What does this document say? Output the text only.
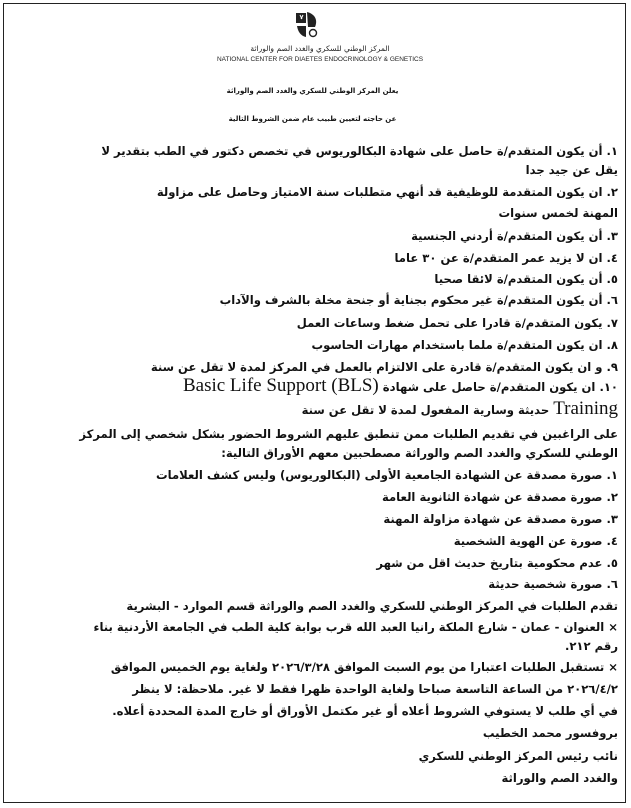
المركز الوطني للسكري والغدد الصم والوراثة
NATIONAL CENTER FOR DIAETES ENDOCRINOLOGY & GENETICS
يعلن المركز الوطني للسكري والغدد الصم والوراثة
عن حاجته لتعيين طبيب عام ضمن الشروط التالية
١. أن يكون المتقدم/ة حاصل على شهادة البكالوريوس في تخصص دكتور في الطب بتقدير لا
يقل عن جيد جدا
٢. ان يكون المتقدمة للوظيفية قد أنهي متطلبات سنة الامتياز وحاصل على مزاولة
المهنة لخمس سنوات
٣. أن يكون المتقدم/ة أردني الجنسية
٤. ان لا يزيد عمر المتقدم/ة عن ٣٠ عاما
٥. أن يكون المتقدم/ة لائقا صحيا
٦. أن يكون المتقدم/ة غير محكوم بجناية أو جنحة مخلة بالشرف والآداب
٧. يكون المتقدم/ة قادرا على تحمل ضغط وساعات العمل
٨. ان يكون المتقدم/ة ملما باستخدام مهارات الحاسوب
٩. و ان يكون المتقدم/ة قادرة على الالتزام بالعمل في المركز لمدة لا تقل عن سنة
١٠. ان يكون المتقدم/ة حاصل على شهادة Basic Life Support (BLS)
Training حديثة وسارية المفعول لمدة لا تقل عن سنة
على الراغبين في تقديم الطلبات ممن تنطبق عليهم الشروط الحضور بشكل شخصي إلى المركز
الوطني للسكري والغدد الصم والوراثة مصطحبين معهم الأوراق التالية:
١. صورة مصدقة عن الشهادة الجامعية الأولى (البكالوريوس) وليس كشف العلامات
٢. صورة مصدقة عن شهادة الثانوية العامة
٣. صورة مصدقة عن شهادة مزاولة المهنة
٤. صورة عن الهوية الشخصية
٥. عدم محكومية بتاريخ حديث اقل من شهر
٦. صورة شخصية حديثة
تقدم الطلبات في المركز الوطني للسكري والغدد الصم والوراثة قسم الموارد - البشرية
× العنوان - عمان - شارع الملكة رانيا العبد الله قرب بوابة كلية الطب في الجامعة الأردنية بناء
رقم ٢١٢.
× تستقبل الطلبات اعتبارا من يوم السبت الموافق ٢٠٢٦/٣/٢٨ ولغاية يوم الخميس الموافق
٢٠٢٦/٤/٢ من الساعة التاسعة صباحا ولغاية الواحدة ظهرا فقط لا غير. ملاحظة: لا ينظر
في أي طلب لا يستوفي الشروط أعلاه أو غير مكتمل الأوراق أو خارج المدة المحددة أعلاه.
بروفسور محمد الخطيب
نائب رئيس المركز الوطني للسكري
والغدد الصم والوراثة
